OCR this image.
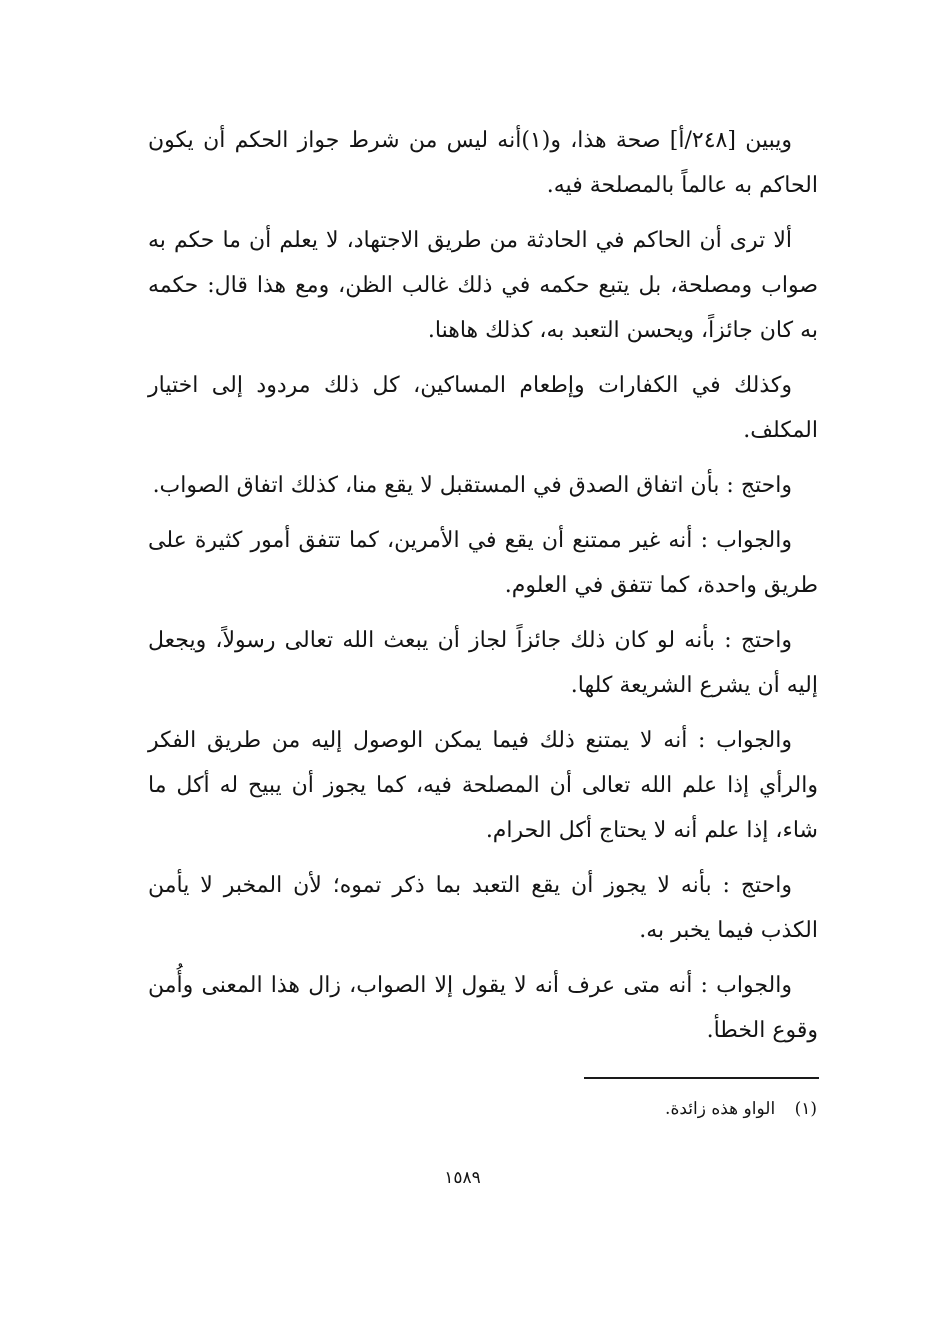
ويبين [٢٤٨/أ] صحة هذا، و(١)أنه ليس من شرط جواز الحكم أن يكون الحاكم به عالماً بالمصلحة فيه.

ألا ترى أن الحاكم في الحادثة من طريق الاجتهاد، لا يعلم أن ما حكم به صواب ومصلحة، بل يتبع حكمه في ذلك غالب الظن، ومع هذا قال: حكمه به كان جائزاً، ويحسن التعبد به، كذلك هاهنا.

وكذلك في الكفارات وإطعام المساكين، كل ذلك مردود إلى اختيار المكلف.

واحتج : بأن اتفاق الصدق في المستقبل لا يقع منا، كذلك اتفاق الصواب.

والجواب : أنه غير ممتنع أن يقع في الأمرين، كما تتفق أمور كثيرة على طريق واحدة، كما تتفق في العلوم.

واحتج : بأنه لو كان ذلك جائزاً لجاز أن يبعث الله تعالى رسولاً، ويجعل إليه أن يشرع الشريعة كلها.

والجواب : أنه لا يمتنع ذلك فيما يمكن الوصول إليه من طريق الفكر والرأي إذا علم الله تعالى أن المصلحة فيه، كما يجوز أن يبيح له أكل ما شاء، إذا علم أنه لا يحتاج أكل الحرام.

واحتج : بأنه لا يجوز أن يقع التعبد بما ذكر تموه؛ لأن المخبر لا يأمن الكذب فيما يخبر به.

والجواب : أنه متى عرف أنه لا يقول إلا الصواب، زال هذا المعنى وأُمن وقوع الخطأ.

(١) الواو هذه زائدة.
١٥٨٩
